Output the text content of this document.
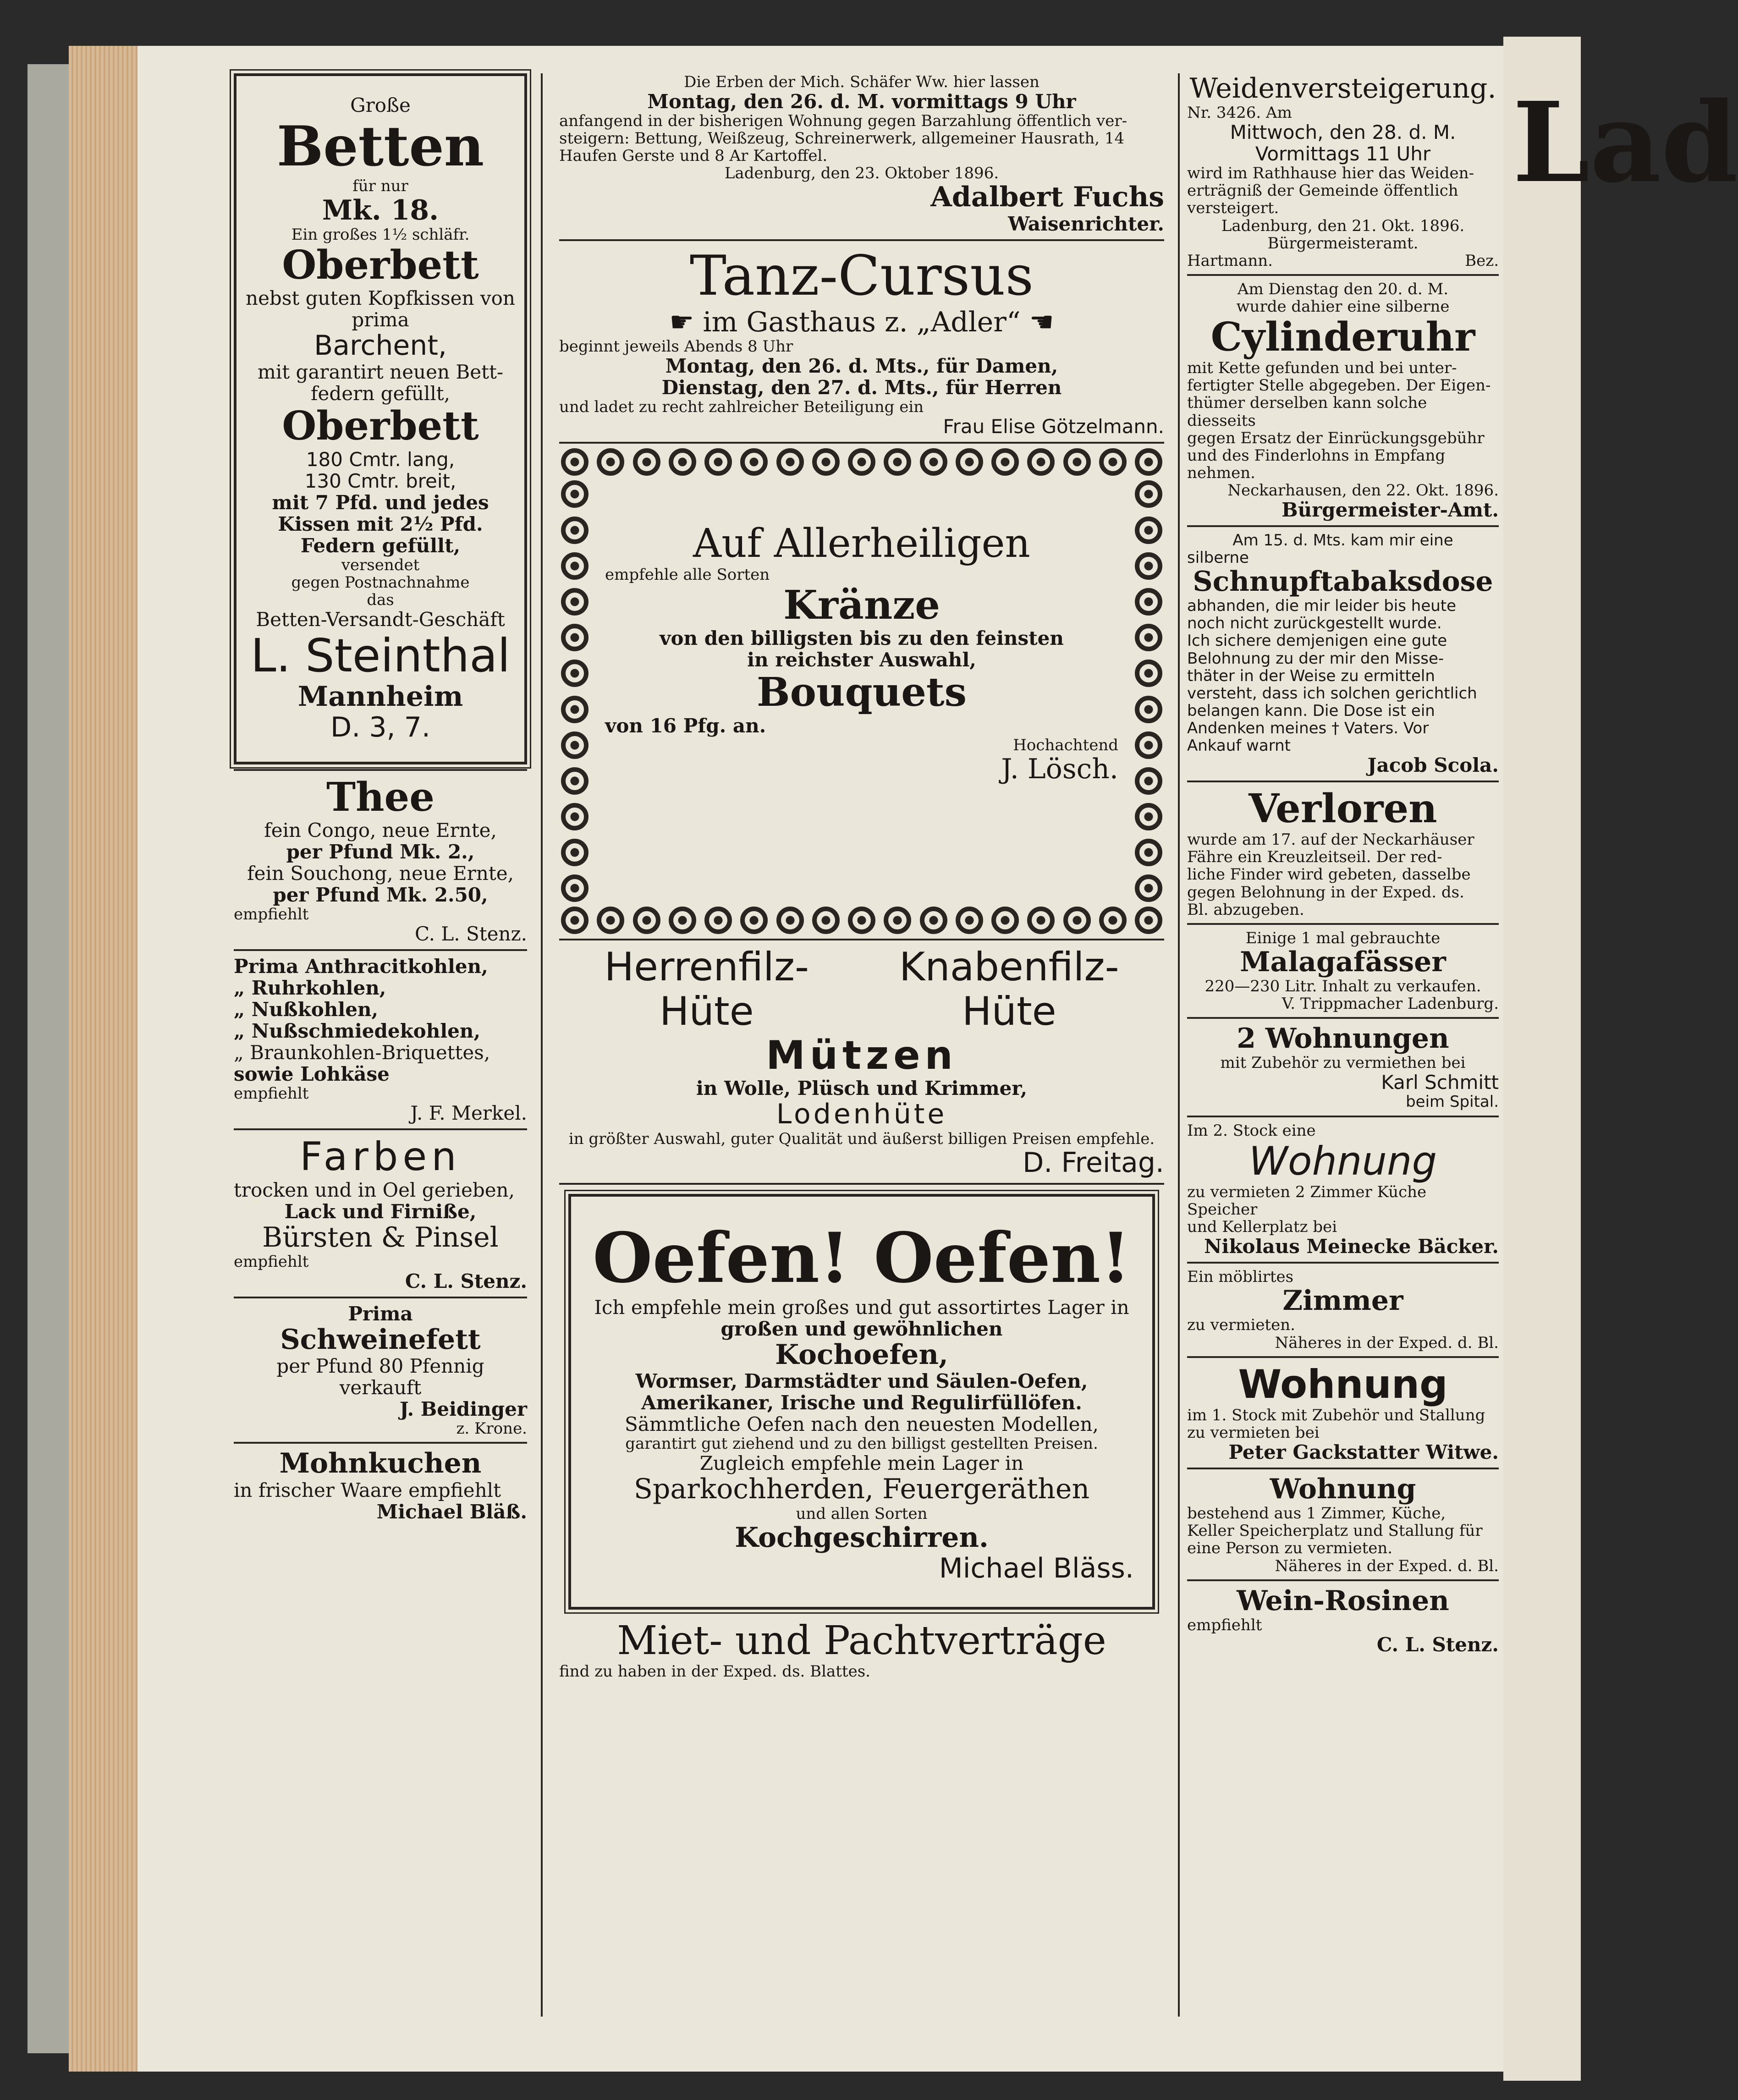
Lad

Große

Betten

für nur

Mk. 18.

Ein großes 1½ schläfr.

Oberbett

nebst guten Kopfkissen von

prima

Barchent,

mit garantirt neuen Bett-

federn gefüllt,

Oberbett

180 Cmtr. lang,

130 Cmtr. breit,

mit 7 Pfd. und jedes

Kissen mit 2½ Pfd.

Federn gefüllt,

versendet

gegen Postnachnahme

das

Betten-Versandt-Geschäft

L. Steinthal

Mannheim

D. 3, 7.

Thee

fein Congo, neue Ernte,

per Pfund Mk. 2.,

fein Souchong, neue Ernte,

per Pfund Mk. 2.50,

empfiehlt

C. L. Stenz.

Prima Anthracitkohlen,

„ Ruhrkohlen,

„ Nußkohlen,

„ Nußschmiedekohlen,

„ Braunkohlen-Briquettes,

sowie Lohkäse

empfiehlt

J. F. Merkel.

Farben

trocken und in Oel gerieben,

Lack und Firniße,

Bürsten & Pinsel

empfiehlt

C. L. Stenz.

Prima

Schweinefett

per Pfund 80 Pfennig verkauft

J. Beidinger

z. Krone.

Mohnkuchen

in frischer Waare empfiehlt

Michael Bläß.

Die Erben der Mich. Schäfer Ww. hier lassen

Montag, den 26. d. M. vormittags 9 Uhr

anfangend in der bisherigen Wohnung gegen Barzahlung öffentlich ver-

steigern: Bettung, Weißzeug, Schreinerwerk, allgemeiner Hausrath, 14

Haufen Gerste und 8 Ar Kartoffel.

Ladenburg, den 23. Oktober 1896.

Adalbert Fuchs

Waisenrichter.

Tanz-Cursus

☛ im Gasthaus z. „Adler“ ☚

beginnt jeweils Abends 8 Uhr

Montag, den 26. d. Mts., für Damen,

Dienstag, den 27. d. Mts., für Herren

und ladet zu recht zahlreicher Beteiligung ein

Frau Elise Götzelmann.

Auf Allerheiligen

empfehle alle Sorten

Kränze

von den billigsten bis zu den feinsten

in reichster Auswahl,

Bouquets

von 16 Pfg. an.

Hochachtend

J. Lösch.

Herrenfilz-Hüte
Knabenfilz-Hüte

Mützen

in Wolle, Plüsch und Krimmer,

Lodenhüte

in größter Auswahl, guter Qualität und äußerst billigen Preisen empfehle.

D. Freitag.

Oefen! Oefen!

Ich empfehle mein großes und gut assortirtes Lager in

großen und gewöhnlichen

Kochoefen,

Wormser, Darmstädter und Säulen-Oefen,

Amerikaner, Irische und Regulirfüllöfen.

Sämmtliche Oefen nach den neuesten Modellen,

garantirt gut ziehend und zu den billigst gestellten Preisen.

Zugleich empfehle mein Lager in

Sparkochherden, Feuergeräthen

und allen Sorten

Kochgeschirren.

Michael Bläss.

Miet- und Pachtverträge

find zu haben in der Exped. ds. Blattes.

Weidenversteigerung.

Nr. 3426. Am

Mittwoch, den 28. d. M.

Vormittags 11 Uhr

wird im Rathhause hier das Weiden-

erträgniß der Gemeinde öffentlich

versteigert.

Ladenburg, den 21. Okt. 1896.

Bürgermeisteramt.

Hartmann.	Bez.

Am Dienstag den 20. d. M.

wurde dahier eine silberne

Cylinderuhr

mit Kette gefunden und bei unter-

fertigter Stelle abgegeben. Der Eigen-

thümer derselben kann solche diesseits

gegen Ersatz der Einrückungsgebühr

und des Finderlohns in Empfang

nehmen.

Neckarhausen, den 22. Okt. 1896.

Bürgermeister-Amt.

Am 15. d. Mts. kam mir eine

silberne

Schnupftabaksdose

abhanden, die mir leider bis heute

noch nicht zurückgestellt wurde.

Ich sichere demjenigen eine gute

Belohnung zu der mir den Misse-

thäter in der Weise zu ermitteln

versteht, dass ich solchen gerichtlich

belangen kann. Die Dose ist ein

Andenken meines † Vaters. Vor

Ankauf warnt

Jacob Scola.

Verloren

wurde am 17. auf der Neckarhäuser

Fähre ein Kreuzleitseil. Der red-

liche Finder wird gebeten, dasselbe

gegen Belohnung in der Exped. ds.

Bl. abzugeben.

Einige 1 mal gebrauchte

Malagafässer

220—230 Litr. Inhalt zu verkaufen.

V. Trippmacher Ladenburg.

2 Wohnungen

mit Zubehör zu vermiethen bei

Karl Schmitt

beim Spital.

Im 2. Stock eine

Wohnung

zu vermieten 2 Zimmer Küche Speicher

und Kellerplatz bei

Nikolaus Meinecke Bäcker.

Ein möblirtes

Zimmer

zu vermieten.

Näheres in der Exped. d. Bl.

Wohnung

im 1. Stock mit Zubehör und Stallung

zu vermieten bei

Peter Gackstatter Witwe.

Wohnung

bestehend aus 1 Zimmer, Küche,

Keller Speicherplatz und Stallung für

eine Person zu vermieten.

Näheres in der Exped. d. Bl.

Wein-Rosinen

empfiehlt

C. L. Stenz.
